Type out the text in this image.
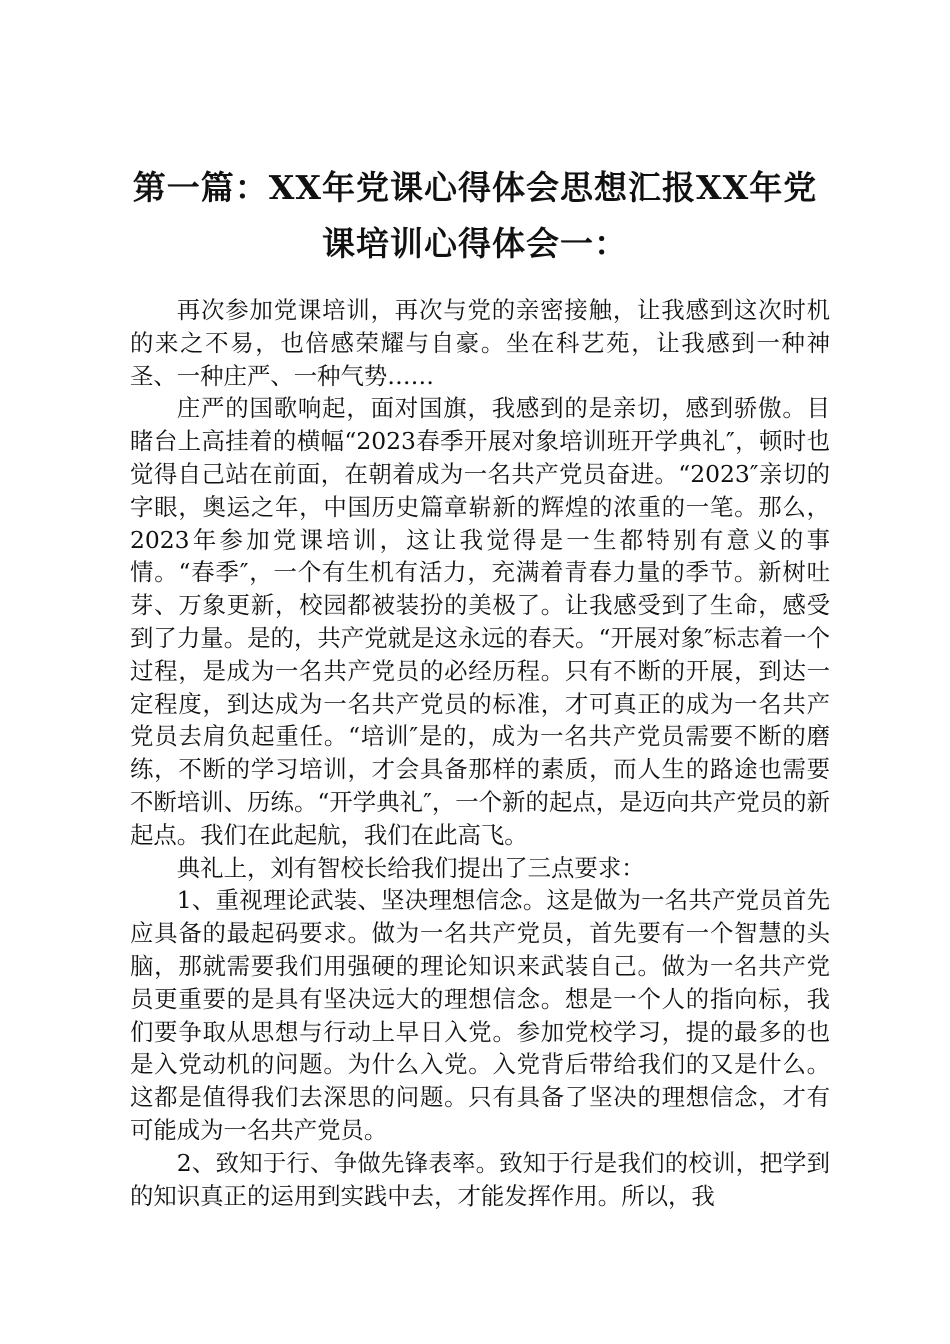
第一篇：XX年党课心得体会思想汇报XX年党课培训心得体会一：

再次参加党课培训，再次与党的亲密接触，让我感到这次时机的来之不易，也倍感荣耀与自豪。坐在科艺苑，让我感到一种神圣、一种庄严、一种气势……

庄严的国歌响起，面对国旗，我感到的是亲切，感到骄傲。目睹台上高挂着的横幅“2023春季开展对象培训班开学典礼″，顿时也觉得自己站在前面，在朝着成为一名共产党员奋进。“2023″亲切的字眼，奥运之年，中国历史篇章崭新的辉煌的浓重的一笔。那么，2023年参加党课培训，这让我觉得是一生都特别有意义的事情。“春季″，一个有生机有活力，充满着青春力量的季节。新树吐芽、万象更新，校园都被装扮的美极了。让我感受到了生命，感受到了力量。是的，共产党就是这永远的春天。“开展对象″标志着一个过程，是成为一名共产党员的必经历程。只有不断的开展，到达一定程度，到达成为一名共产党员的标准，才可真正的成为一名共产党员去肩负起重任。“培训″是的，成为一名共产党员需要不断的磨练，不断的学习培训，才会具备那样的素质，而人生的路途也需要不断培训、历练。“开学典礼″，一个新的起点，是迈向共产党员的新起点。我们在此起航，我们在此高飞。

典礼上，刘有智校长给我们提出了三点要求：

1、重视理论武装、坚决理想信念。这是做为一名共产党员首先应具备的最起码要求。做为一名共产党员，首先要有一个智慧的头脑，那就需要我们用强硬的理论知识来武装自己。做为一名共产党员更重要的是具有坚决远大的理想信念。想是一个人的指向标，我们要争取从思想与行动上早日入党。参加党校学习，提的最多的也是入党动机的问题。为什么入党。入党背后带给我们的又是什么。这都是值得我们去深思的问题。只有具备了坚决的理想信念，才有可能成为一名共产党员。

2、致知于行、争做先锋表率。致知于行是我们的校训，把学到的知识真正的运用到实践中去，才能发挥作用。所以，我
